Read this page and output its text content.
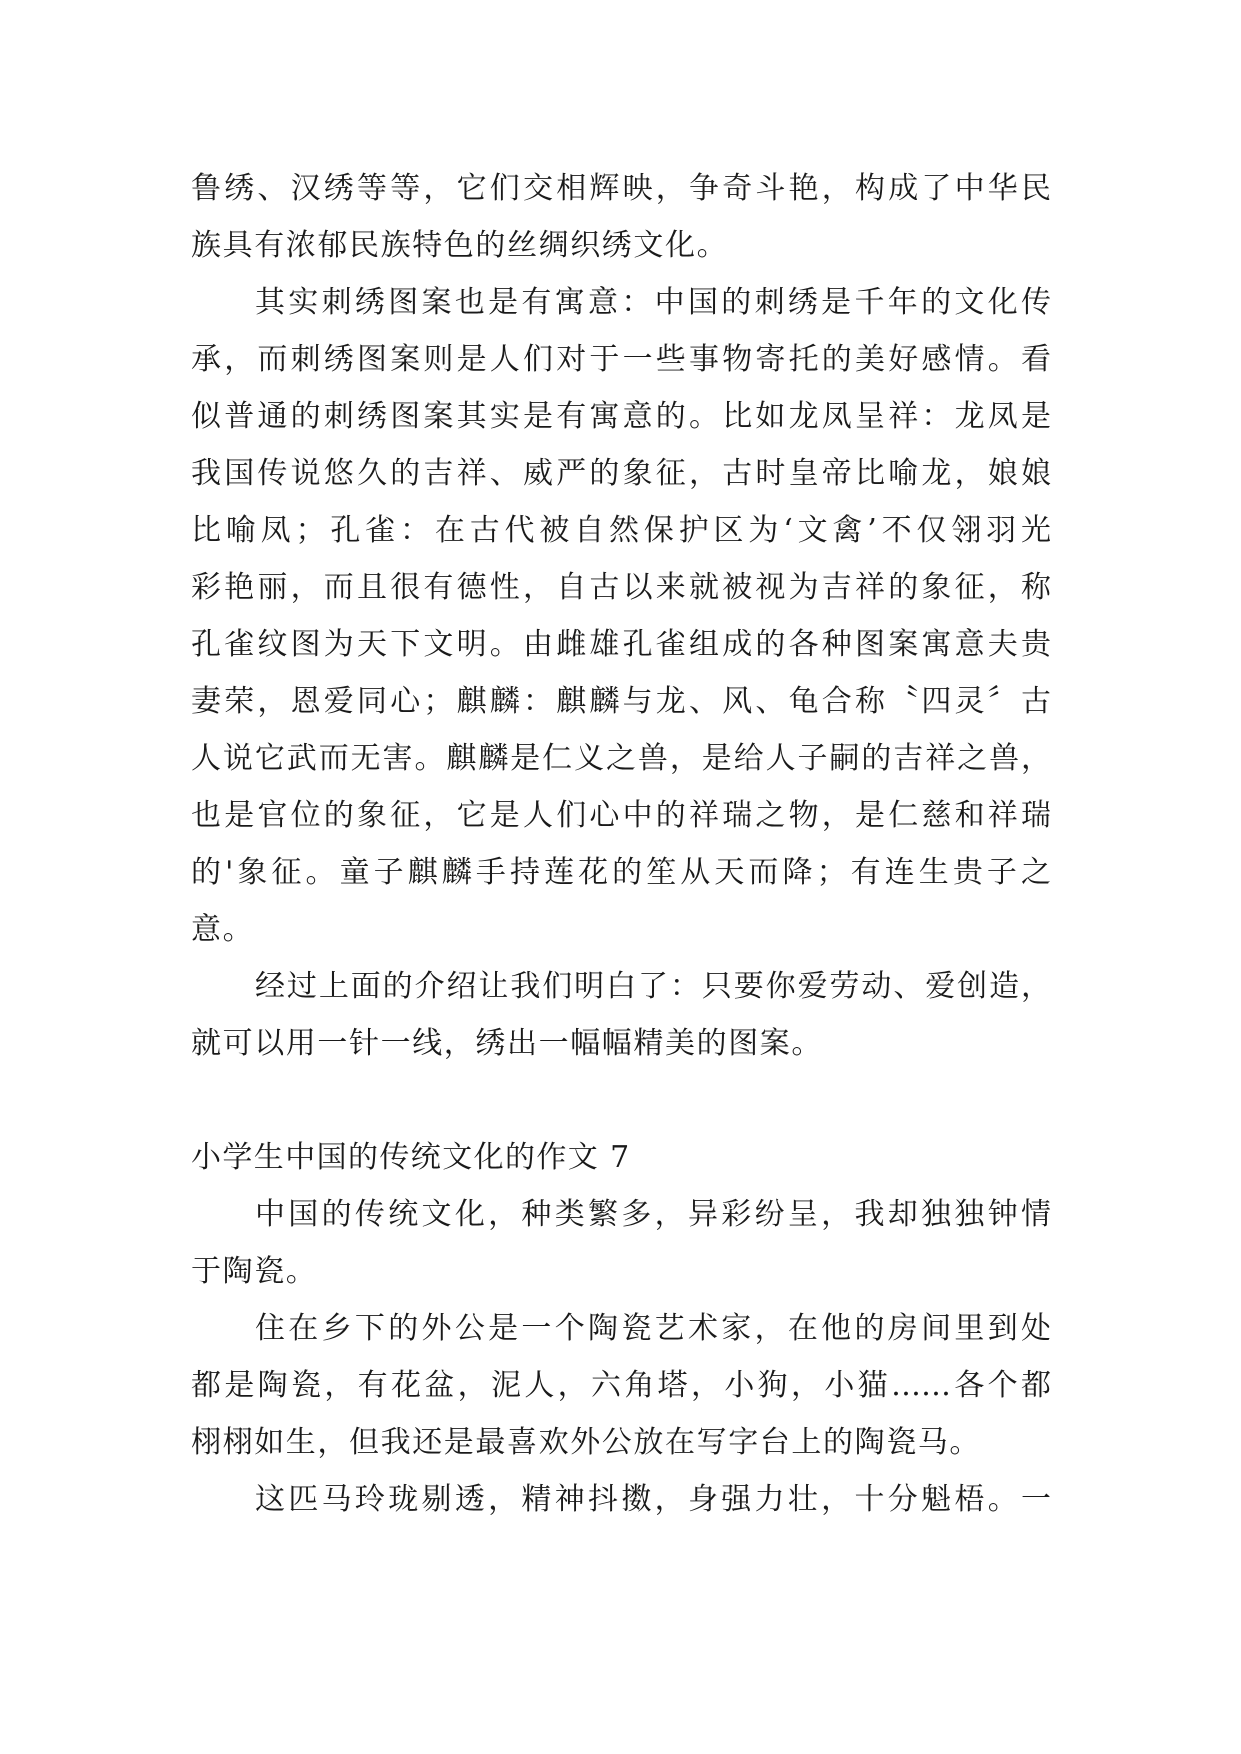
鲁绣、汉绣等等，它们交相辉映，争奇斗艳，构成了中华民
族具有浓郁民族特色的丝绸织绣文化。
其实刺绣图案也是有寓意：中国的刺绣是千年的文化传
承，而刺绣图案则是人们对于一些事物寄托的美好感情。看
似普通的刺绣图案其实是有寓意的。比如龙凤呈祥：龙凤是
我国传说悠久的吉祥、威严的象征，古时皇帝比喻龙，娘娘
比喻凤；孔雀：在古代被自然保护区为‘文禽’不仅翎羽光
彩艳丽，而且很有德性，自古以来就被视为吉祥的象征，称
孔雀纹图为天下文明。由雌雄孔雀组成的各种图案寓意夫贵
妻荣，恩爱同心；麒麟：麒麟与龙、风、龟合称〝四灵〞古
人说它武而无害。麒麟是仁义之兽，是给人子嗣的吉祥之兽，
也是官位的象征，它是人们心中的祥瑞之物，是仁慈和祥瑞
的'象征。童子麒麟手持莲花的笙从天而降；有连生贵子之
意。
经过上面的介绍让我们明白了：只要你爱劳动、爱创造，
就可以用一针一线，绣出一幅幅精美的图案。
小学生中国的传统文化的作文 7
中国的传统文化，种类繁多，异彩纷呈，我却独独钟情
于陶瓷。
住在乡下的外公是一个陶瓷艺术家，在他的房间里到处
都是陶瓷，有花盆，泥人，六角塔，小狗，小猫……各个都
栩栩如生，但我还是最喜欢外公放在写字台上的陶瓷马。
这匹马玲珑剔透，精神抖擞，身强力壮，十分魁梧。一
